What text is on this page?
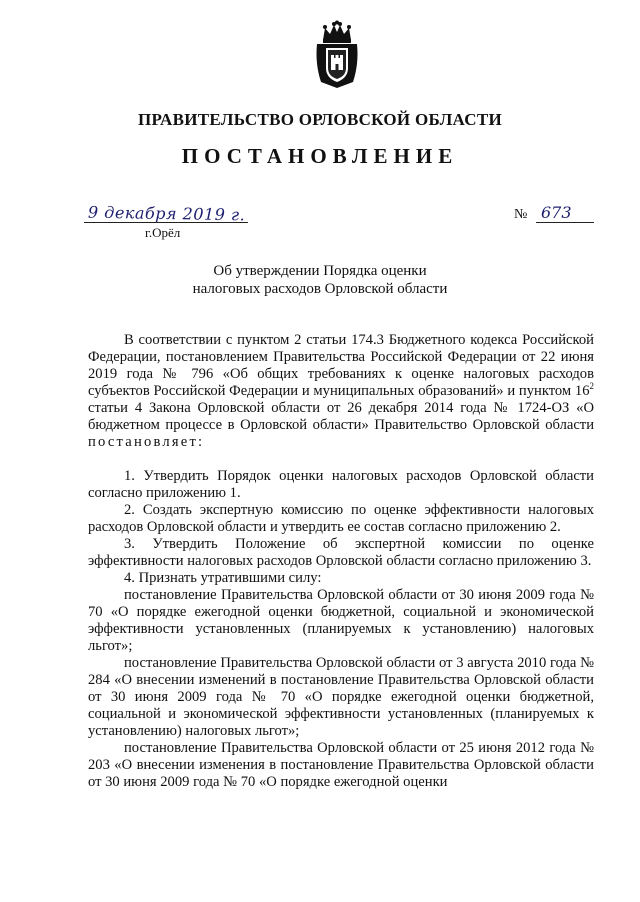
ПРАВИТЕЛЬСТВО ОРЛОВСКОЙ ОБЛАСТИ
ПОСТАНОВЛЕНИЕ
9 декабря 2019 г.
г.Орёл
№ 673
Об утверждении Порядка оценки
налоговых расходов Орловской области

В соответствии с пунктом 2 статьи 174.3 Бюджетного кодекса Российской Федерации, постановлением Правительства Российской Федерации от 22 июня 2019 года № 796 «Об общих требованиях к оценке налоговых расходов субъектов Российской Федерации и муниципальных образований» и пунктом $16^2$ статьи 4 Закона Орловской области от 26 декабря 2014 года № 1724-ОЗ «О бюджетном процессе в Орловской области» Правительство Орловской области постановляет:

1. Утвердить Порядок оценки налоговых расходов Орловской области согласно приложению 1.

2. Создать экспертную комиссию по оценке эффективности налоговых расходов Орловской области и утвердить ее состав согласно приложению 2.

3. Утвердить Положение об экспертной комиссии по оценке эффективности налоговых расходов Орловской области согласно приложению 3.

4. Признать утратившими силу:

постановление Правительства Орловской области от 30 июня 2009 года № 70 «О порядке ежегодной оценки бюджетной, социальной и экономической эффективности установленных (планируемых к установлению) налоговых льгот»;

постановление Правительства Орловской области от 3 августа 2010 года № 284 «О внесении изменений в постановление Правительства Орловской области от 30 июня 2009 года № 70 «О порядке ежегодной оценки бюджетной, социальной и экономической эффективности установленных (планируемых к установлению) налоговых льгот»;

постановление Правительства Орловской области от 25 июня 2012 года № 203 «О внесении изменения в постановление Правительства Орловской области от 30 июня 2009 года № 70 «О порядке ежегодной оценки
